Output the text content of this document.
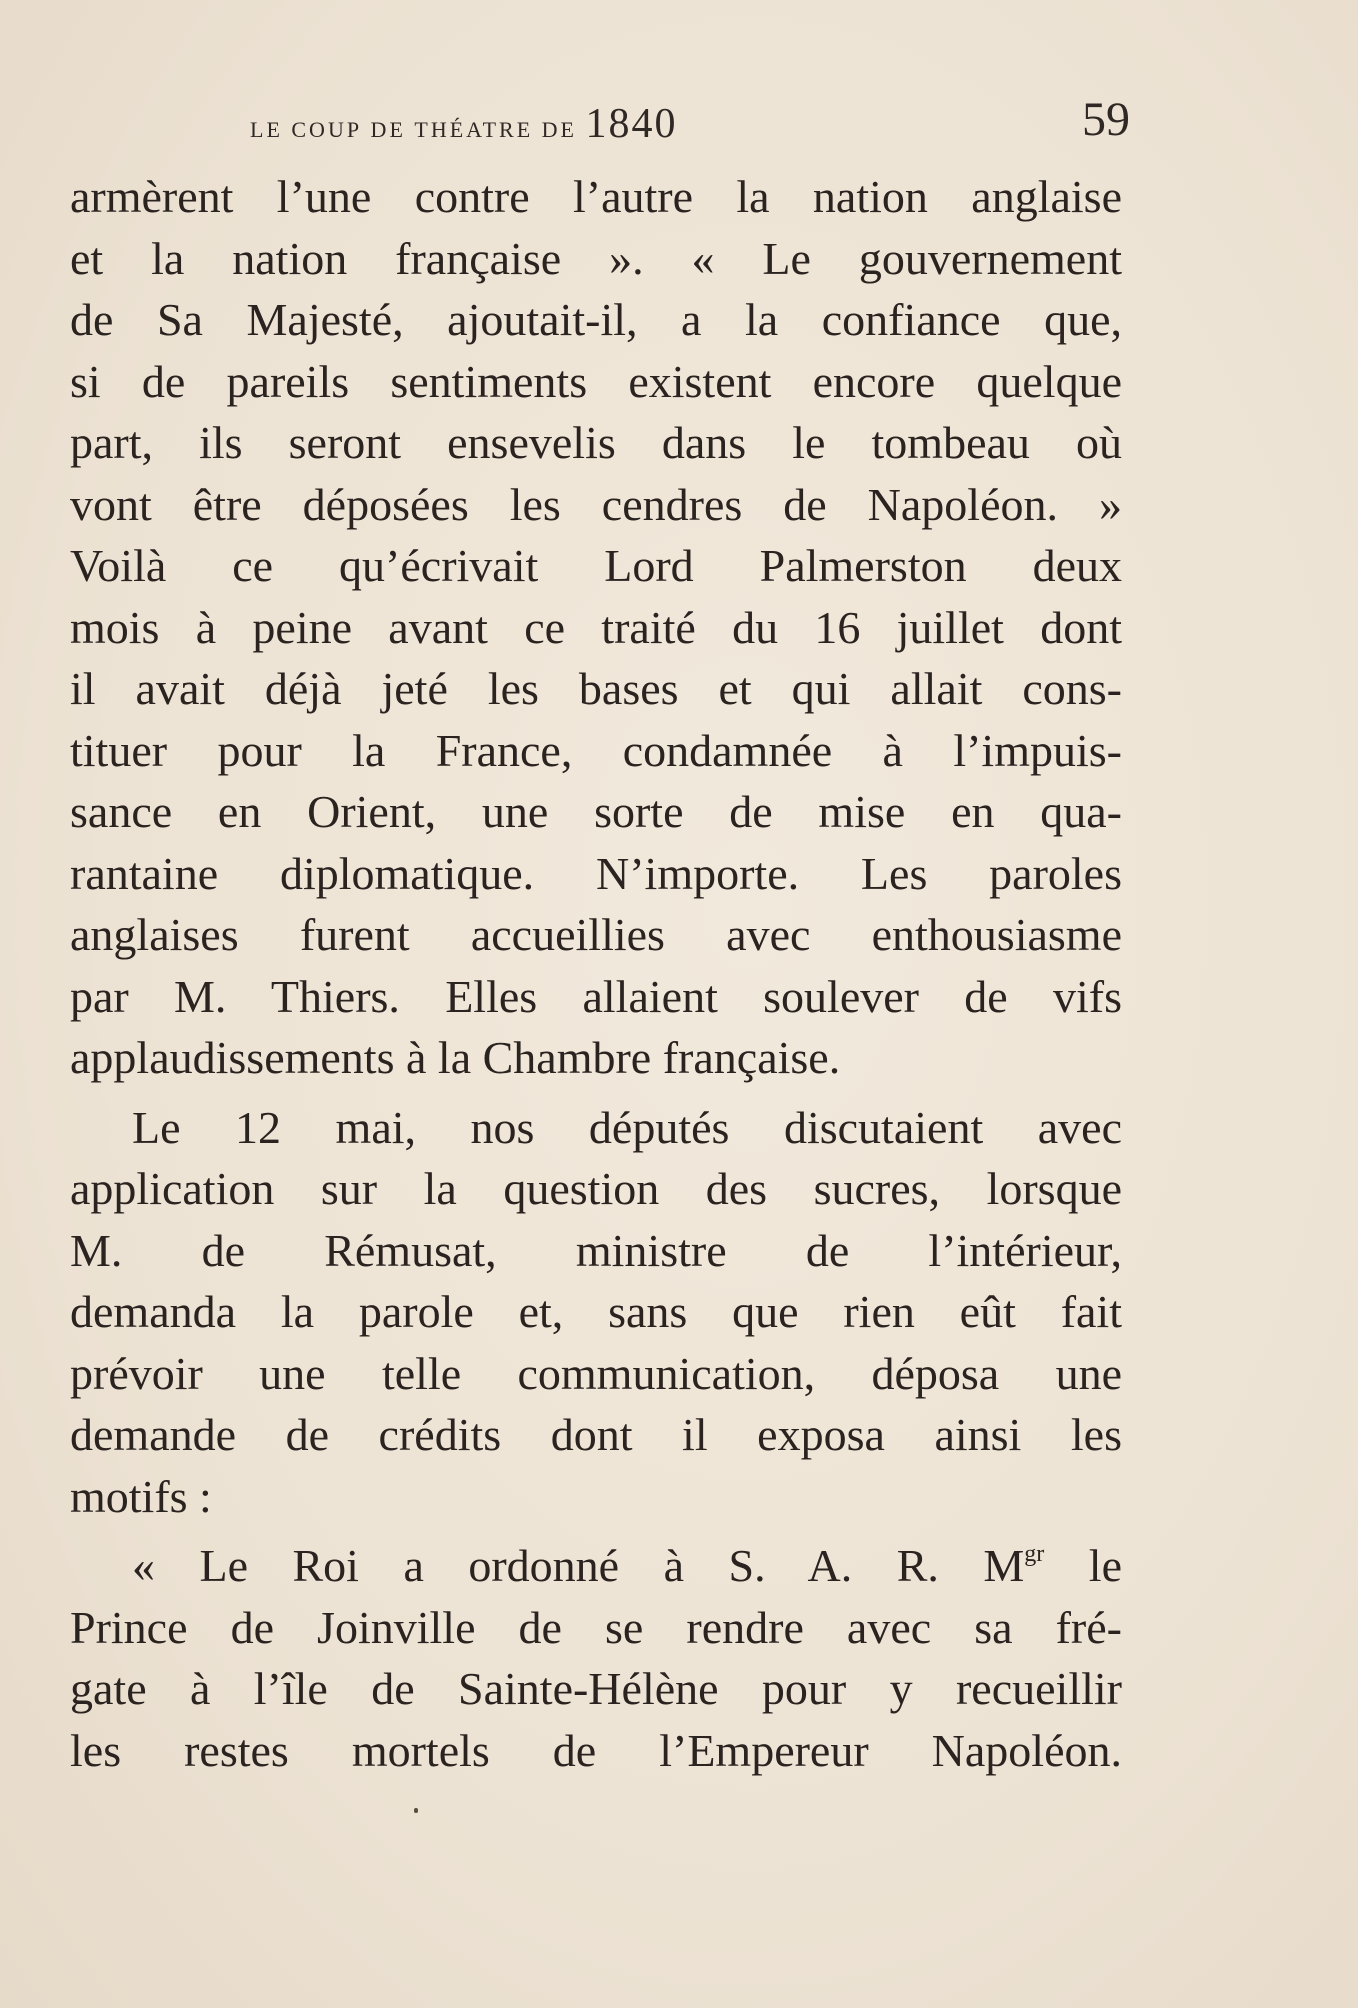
le coup de théatre de 1840	59
armèrent l’une contre l’autre la nation anglaise
et la nation française ». « Le gouvernement
de Sa Majesté, ajoutait-il, a la confiance que,
si de pareils sentiments existent encore quelque
part, ils seront ensevelis dans le tombeau où
vont être déposées les cendres de Napoléon. »
Voilà ce qu’écrivait Lord Palmerston deux
mois à peine avant ce traité du 16 juillet dont
il avait déjà jeté les bases et qui allait cons-
tituer pour la France, condamnée à l’impuis-
sance en Orient, une sorte de mise en qua-
rantaine diplomatique. N’importe. Les paroles
anglaises furent accueillies avec enthousiasme
par M. Thiers. Elles allaient soulever de vifs
applaudissements à la Chambre française.
Le 12 mai, nos députés discutaient avec
application sur la question des sucres, lorsque
M. de Rémusat, ministre de l’intérieur,
demanda la parole et, sans que rien eût fait
prévoir une telle communication, déposa une
demande de crédits dont il exposa ainsi les
motifs :
« Le Roi a ordonné à S. A. R. $M^{gr}$ le
Prince de Joinville de se rendre avec sa fré-
gate à l’île de Sainte-Hélène pour y recueillir
les restes mortels de l’Empereur Napoléon.
